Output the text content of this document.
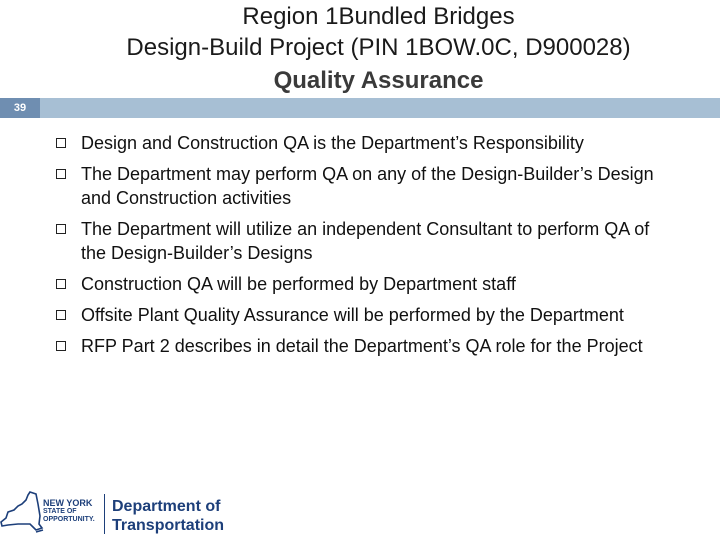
Region 1Bundled Bridges
Design-Build Project (PIN 1BOW.0C, D900028)
Quality Assurance
39
Design and Construction QA is the Department’s Responsibility
The Department may perform QA on any of the Design-Builder’s Design and Construction activities
The Department will utilize an independent Consultant to perform QA of the Design-Builder’s Designs
Construction QA will be performed by Department staff
Offsite Plant Quality Assurance will be performed by the Department
RFP Part 2 describes in detail the Department’s QA role for the Project
NEW YORK
STATE OF
OPPORTUNITY.
Department of
Transportation
